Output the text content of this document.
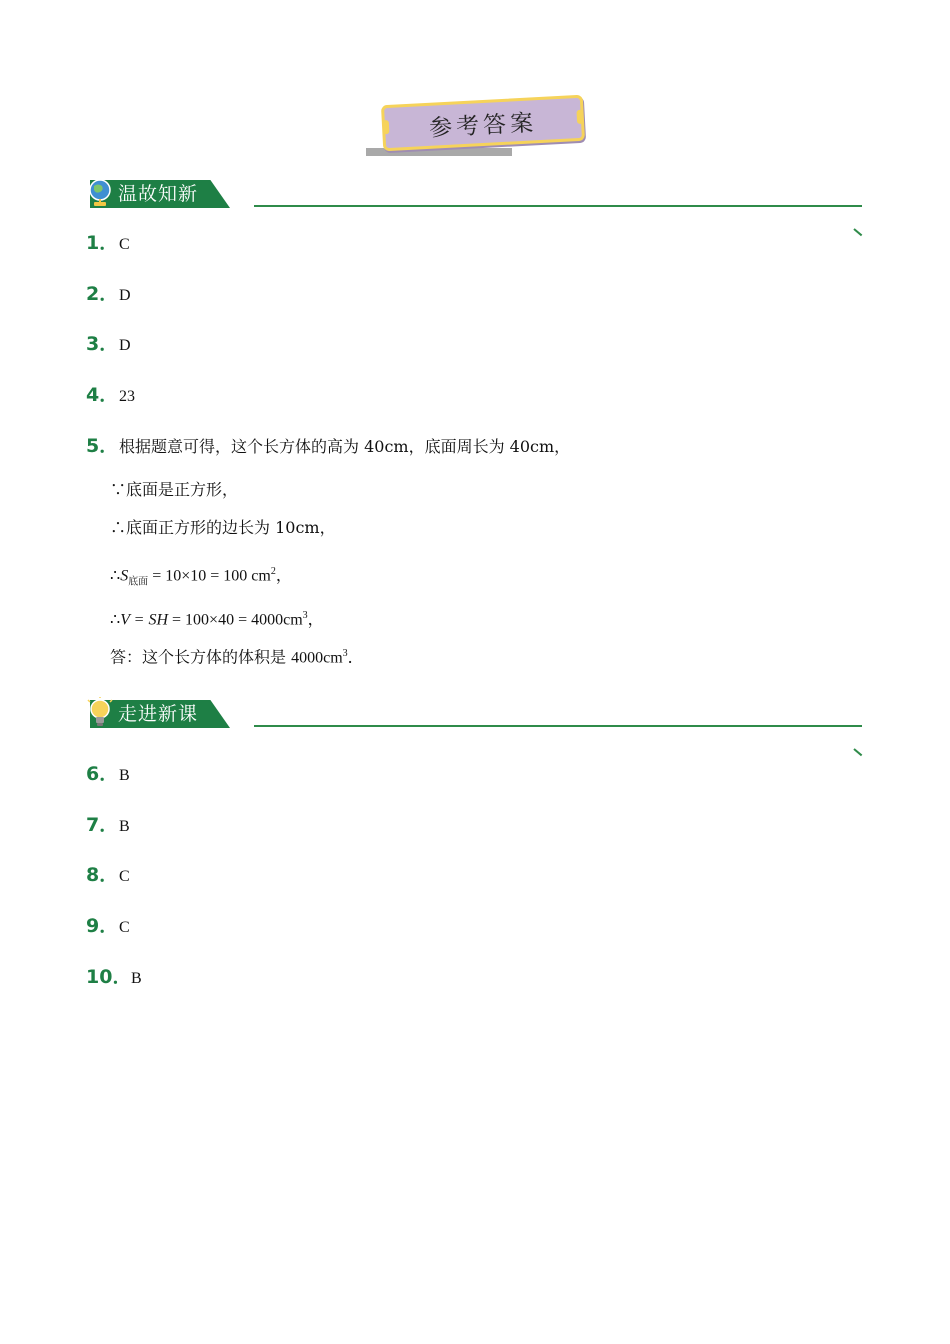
参考答案
温故知新
1．C
2．D
3．D
4．23
5．根据题意可得，这个长方体的高为 40cm，底面周长为 40cm，
∵底面是正方形，
∴底面正方形的边长为 10cm，
$\therefore S_{底面} = 10\times 10 = 100$ $cm^2$，
∴V = SH = $100\times 40 = 4000cm^3$，
答：这个长方体的体积是 $4000cm^3$．
走进新课
6．B
7．B
8．C
9．C
10．B
